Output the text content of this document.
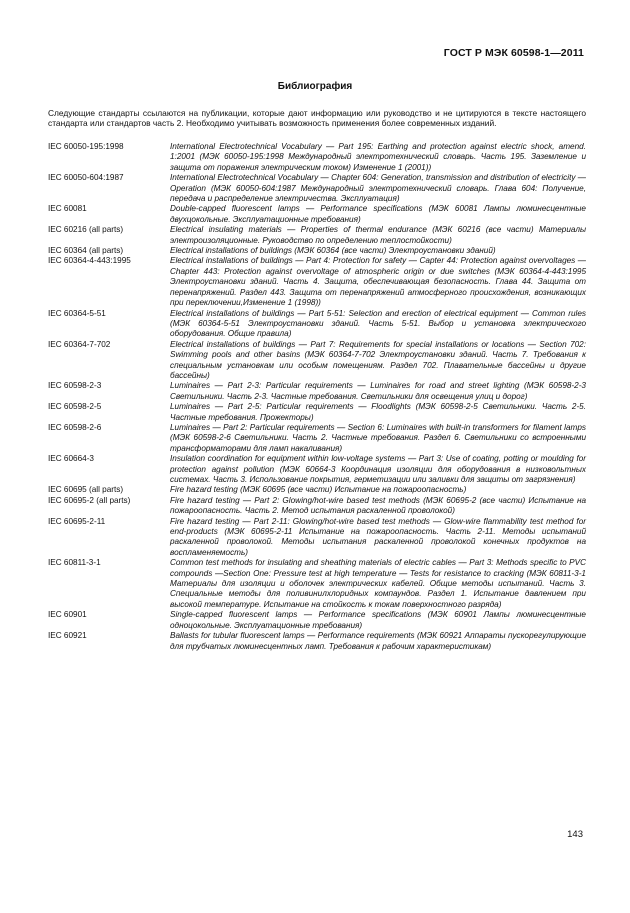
ГОСТ Р МЭК 60598-1—2011
Библиография
Следующие стандарты ссылаются на публикации, которые дают информацию или руководство и не цитируются в тексте настоящего стандарта или стандартов часть 2. Необходимо учитывать возможность применения более современных изданий.
IEC 60050-195:1998	International Electrotechnical Vocabulary — Part 195: Earthing and protection against electric shock, amend. 1:2001 (МЭК 60050-195:1998 Международный электротехнический словарь. Часть 195. Заземление и защита от поражения электрическим током) Изменение 1 (2001))
IEC 60050-604:1987	International Electrotechnical Vocabulary — Chapter 604: Generation, transmission and distribution of electricity — Operation (МЭК 60050-604:1987 Международный электротехнический словарь. Глава 604: Получение, передача и распределение электричества. Эксплуатация)
IEC 60081	Double-capped fluorescent lamps — Performance specifications (МЭК 60081 Лампы люминесцентные двухцокольные. Эксплуатационные требования)
IEC 60216 (all parts)	Electrical insulating materials — Properties of thermal endurance (МЭК 60216 (все части) Материалы электроизоляционные. Руководство по определению теплостойкости)
IEC 60364 (all parts)	Electrical installations of buildings (МЭК 60364 (все части) Электроустановки зданий)
IEC 60364-4-443:1995	Electrical installations of buildings — Part 4: Protection for safety — Capter 44: Protection against overvoltages — Chapter 443: Protection against overvoltage of atmospheric origin or due switches (МЭК 60364-4-443:1995 Электроустановки зданий. Часть 4. Защита, обеспечивающая безопасность. Глава 44. Защита от перенапряжений. Раздел 443. Защита от перенапряжений атмосферного происхождения, возникающих при переключении,Изменение 1 (1998))
IEC 60364-5-51	Electrical installations of buildings — Part 5-51: Selection and erection of electrical equipment — Common rules (МЭК 60364-5-51 Электроустановки зданий. Часть 5-51. Выбор и установка электрического оборудования. Общие правила)
IEC 60364-7-702	Electrical installations of buildings — Part 7: Requirements for special installations or locations — Section 702: Swimming pools and other basins (МЭК 60364-7-702 Электроустановки зданий. Часть 7. Требования к специальным установкам или особым помещениям. Раздел 702. Плавательные бассейны и другие бассейны)
IEC 60598-2-3	Luminaires — Part 2-3: Particular requirements — Luminaires for road and street lighting (МЭК 60598-2-3 Светильники. Часть 2-3. Частные требования. Светильники для освещения улиц и дорог)
IEC 60598-2-5	Luminaires — Part 2-5: Particular requirements — Floodlights (МЭК 60598-2-5 Светильники. Часть 2-5. Частные требования. Прожекторы)
IEC 60598-2-6	Luminaires — Part 2: Particular requirements — Section 6: Luminaires with built-in transformers for filament lamps (МЭК 60598-2-6 Светильники. Часть 2. Частные требования. Раздел 6. Светильники со встроенными трансформаторами для ламп накаливания)
IEC 60664-3	Insulation coordination for equipment within low-voltage systems — Part 3: Use of coating, potting or moulding for protection against pollution (МЭК 60664-3 Координация изоляции для оборудования в низковольтных системах. Часть 3. Использование покрытия, герметизации или заливки для защиты от загрязнения)
IEC 60695 (all parts)	Fire hazard testing (МЭК 60695 (все части) Испытание на пожароопасность)
IEC 60695-2 (all parts)	Fire hazard testing — Part 2: Glowing/hot-wire based test methods (МЭК 60695-2 (все части) Испытание на пожароопасность. Часть 2. Метод испытания раскаленной проволокой)
IEC 60695-2-11	Fire hazard testing — Part 2-11: Glowing/hot-wire based test methods — Glow-wire flammability test method for end-products (МЭК 60695-2-11 Испытание на пожароопасность. Часть 2-11. Методы испытаний раскаленной проволокой. Методы испытания раскаленной проволокой конечных продуктов на воспламеняемость)
IEC 60811-3-1	Common test methods for insulating and sheathing materials of electric cables — Part 3: Methods specific to PVC compounds —Section One: Pressure test at high temperature — Tests for resistance to cracking (МЭК 60811-3-1 Материалы для изоляции и оболочек электрических кабелей. Общие методы испытаний. Часть 3. Специальные методы для поливинилхлоридных компаундов. Раздел 1. Испытание давлением при высокой температуре. Испытание на стойкость к токам поверхностного разряда)
IEC 60901	Single-capped fluorescent lamps — Performance specifications (МЭК 60901 Лампы люминесцентные одноцокольные. Эксплуатационные требования)
IEC 60921	Ballasts for tubular fluorescent lamps — Performance requirements (МЭК 60921 Аппараты пускорегулирующие для трубчатых люминесцентных ламп. Требования к рабочим характеристикам)
143
